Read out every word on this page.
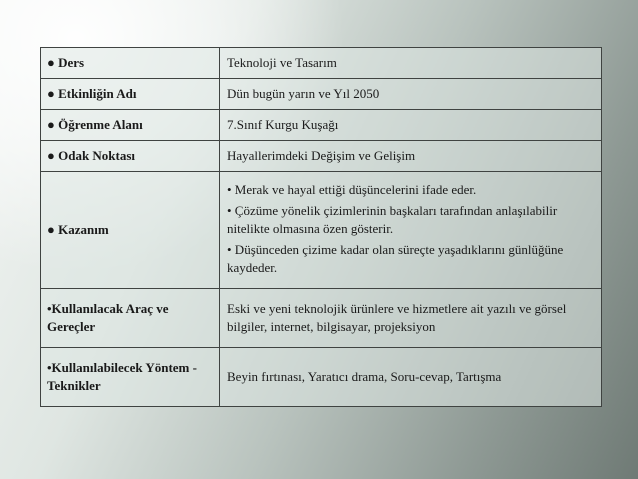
● Ders	Teknoloji ve Tasarım
● Etkinliğin Adı	Dün bugün yarın ve Yıl 2050
● Öğrenme Alanı	7.Sınıf Kurgu Kuşağı
● Odak Noktası	Hayallerimdeki Değişim ve Gelişim
● Kazanım	• Merak ve hayal ettiği düşüncelerini ifade eder.
• Çözüme yönelik çizimlerinin başkaları tarafından anlaşılabilir nitelikte olmasına özen gösterir.
• Düşünceden çizime kadar olan süreçte yaşadıklarını günlüğüne kaydeder.

•Kullanılacak Araç ve Gereçler	Eski ve yeni teknolojik ürünlere ve hizmetlere ait yazılı ve görsel bilgiler, internet, bilgisayar, projeksiyon
•Kullanılabilecek Yöntem - Teknikler	Beyin fırtınası, Yaratıcı drama, Soru-cevap, Tartışma
